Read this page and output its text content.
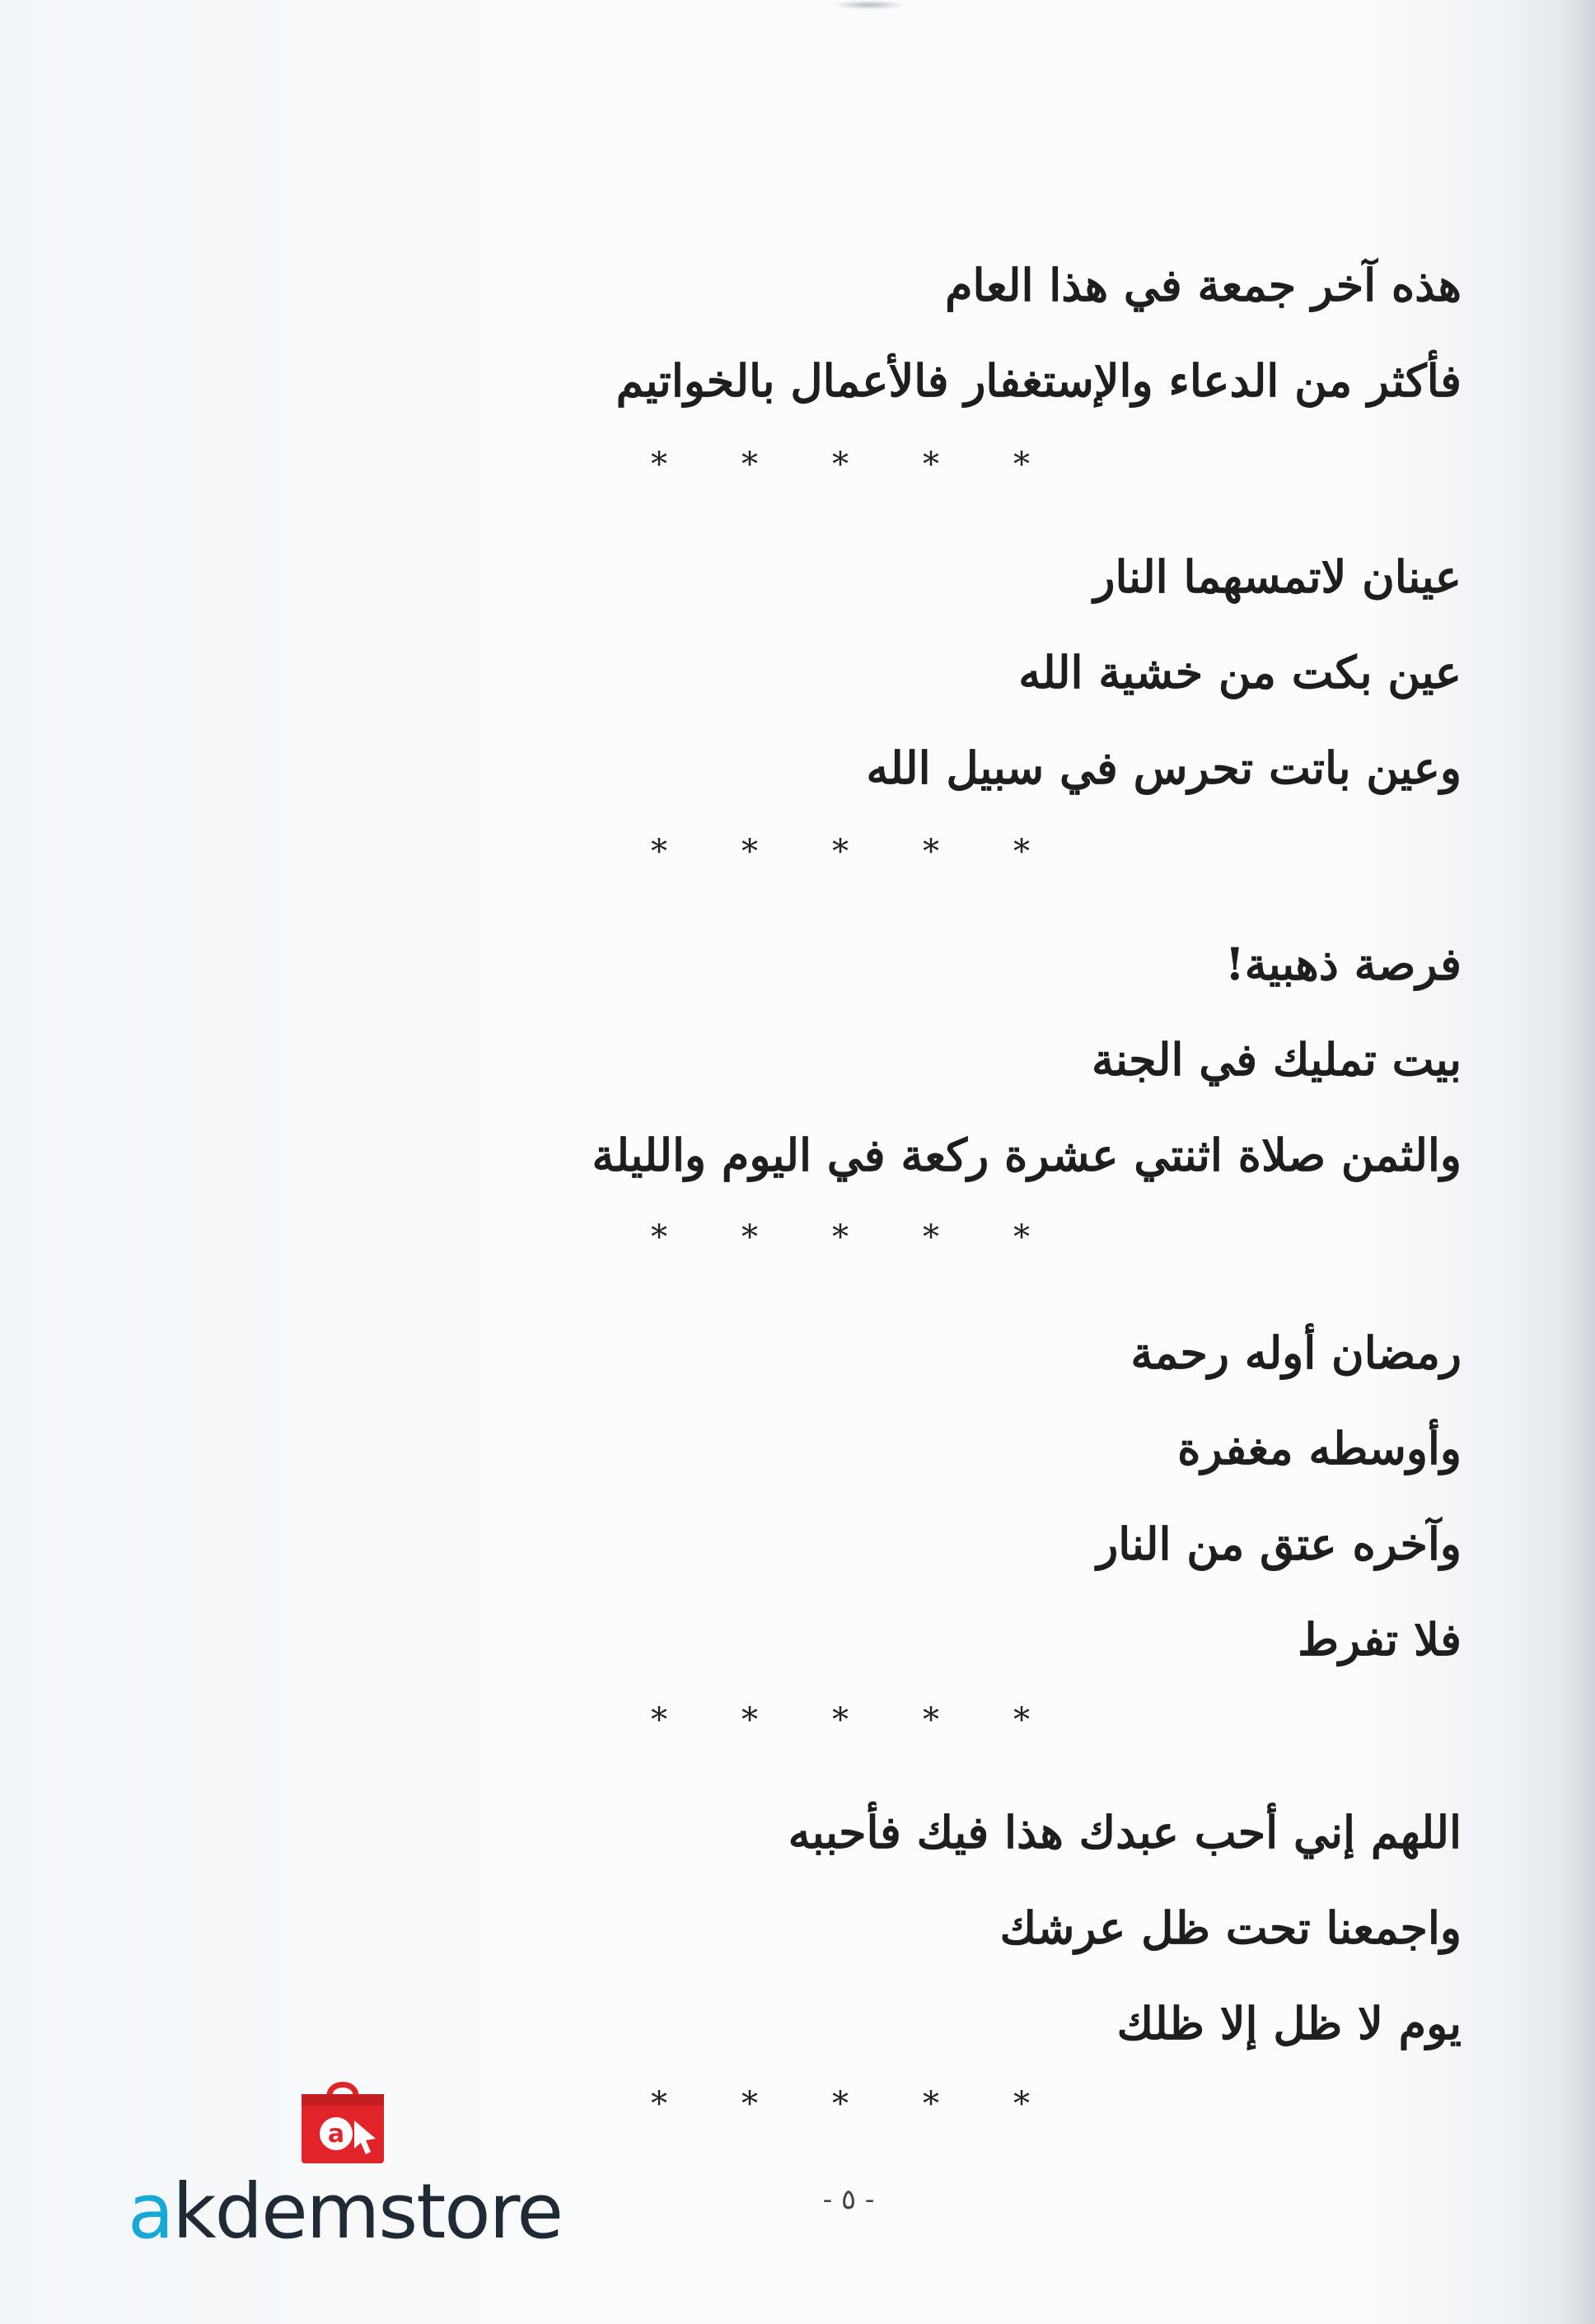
هذه آخر جمعة في هذا العام
فأكثر من الدعاء والإستغفار فالأعمال بالخواتيم
* * * * *
عينان لاتمسهما النار
عين بكت من خشية الله
وعين باتت تحرس في سبيل الله
* * * * *
فرصة ذهبية!
بيت تمليك في الجنة
والثمن صلاة اثنتي عشرة ركعة في اليوم والليلة
* * * * *
رمضان أوله رحمة
وأوسطه مغفرة
وآخره عتق من النار
فلا تفرط
* * * * *
اللهم إني أحب عبدك هذا فيك فأحببه
واجمعنا تحت ظل عرشك
يوم لا ظل إلا ظلك
* * * * *
- ٥ -
a
akdemstore
